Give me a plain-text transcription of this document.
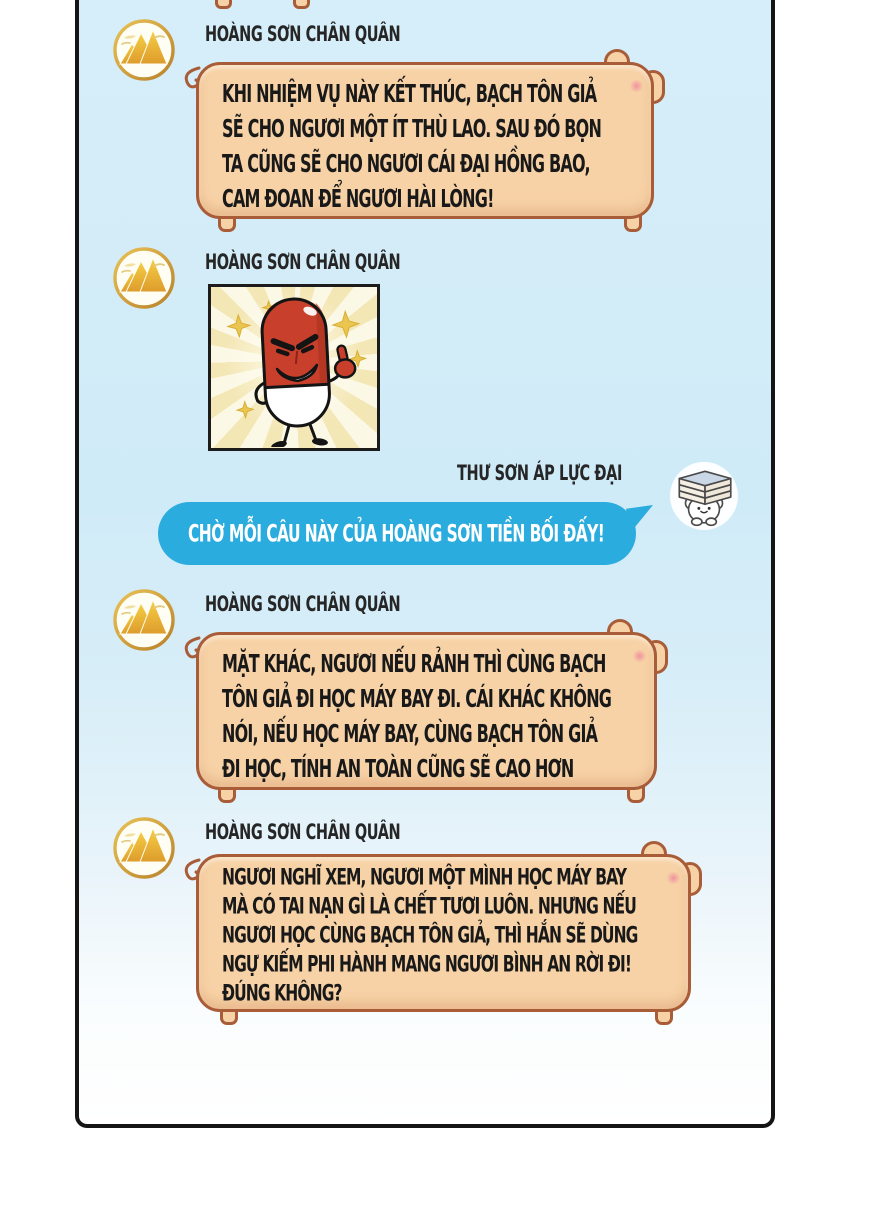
HOÀNG SƠN CHÂN QUÂN
KHI NHIỆM VỤ NÀY KẾT THÚC, BẠCH TÔN GIẢ
SẼ CHO NGƯƠI MỘT ÍT THÙ LAO. SAU ĐÓ BỌN
TA CŨNG SẼ CHO NGƯƠI CÁI ĐẠI HỒNG BAO,
CAM ĐOAN ĐỂ NGƯƠI HÀI LÒNG!
HOÀNG SƠN CHÂN QUÂN
THƯ SƠN ÁP LỰC ĐẠI
CHỜ MỖI CÂU NÀY CỦA HOÀNG SƠN TIỀN BỐI ĐẤY!
HOÀNG SƠN CHÂN QUÂN
MẶT KHÁC, NGƯƠI NẾU RẢNH THÌ CÙNG BẠCH
TÔN GIẢ ĐI HỌC MÁY BAY ĐI. CÁI KHÁC KHÔNG
NÓI, NẾU HỌC MÁY BAY, CÙNG BẠCH TÔN GIẢ
ĐI HỌC, TÍNH AN TOÀN CŨNG SẼ CAO HƠN
HOÀNG SƠN CHÂN QUÂN
NGƯƠI NGHĨ XEM, NGƯƠI MỘT MÌNH HỌC MÁY BAY
MÀ CÓ TAI NẠN GÌ LÀ CHẾT TƯƠI LUÔN. NHƯNG NẾU
NGƯƠI HỌC CÙNG BẠCH TÔN GIẢ, THÌ HẮN SẼ DÙNG
NGỰ KIẾM PHI HÀNH MANG NGƯƠI BÌNH AN RỜI ĐI!
ĐÚNG KHÔNG?
